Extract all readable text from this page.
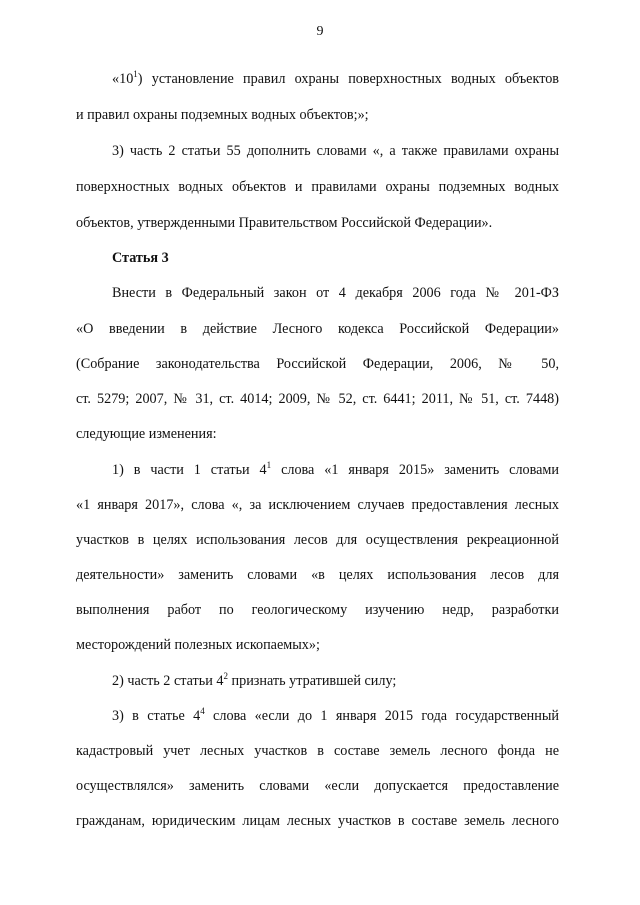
9
«$10^1$) установление правил охраны поверхностных водных объектов
и правил охраны подземных водных объектов;»;
3) часть 2 статьи 55 дополнить словами «, а также правилами охраны
поверхностных водных объектов и правилами охраны подземных водных
объектов, утвержденными Правительством Российской Федерации».
Статья 3
Внести в Федеральный закон от 4 декабря 2006 года № 201-ФЗ
«О введении в действие Лесного кодекса Российской Федерации»
(Собрание законодательства Российской Федерации, 2006, № 50,
ст. 5279; 2007, № 31, ст. 4014; 2009, № 52, ст. 6441; 2011, № 51, ст. 7448)
следующие изменения:
1) в части 1 статьи $4^1$ слова «1 января 2015» заменить словами
«1 января 2017», слова «, за исключением случаев предоставления лесных
участков в целях использования лесов для осуществления рекреационной
деятельности» заменить словами «в целях использования лесов для
выполнения работ по геологическому изучению недр, разработки
месторождений полезных ископаемых»;
2) часть 2 статьи $4^2$ признать утратившей силу;
3) в статье $4^4$ слова «если до 1 января 2015 года государственный
кадастровый учет лесных участков в составе земель лесного фонда не
осуществлялся» заменить словами «если допускается предоставление
гражданам, юридическим лицам лесных участков в составе земель лесного
